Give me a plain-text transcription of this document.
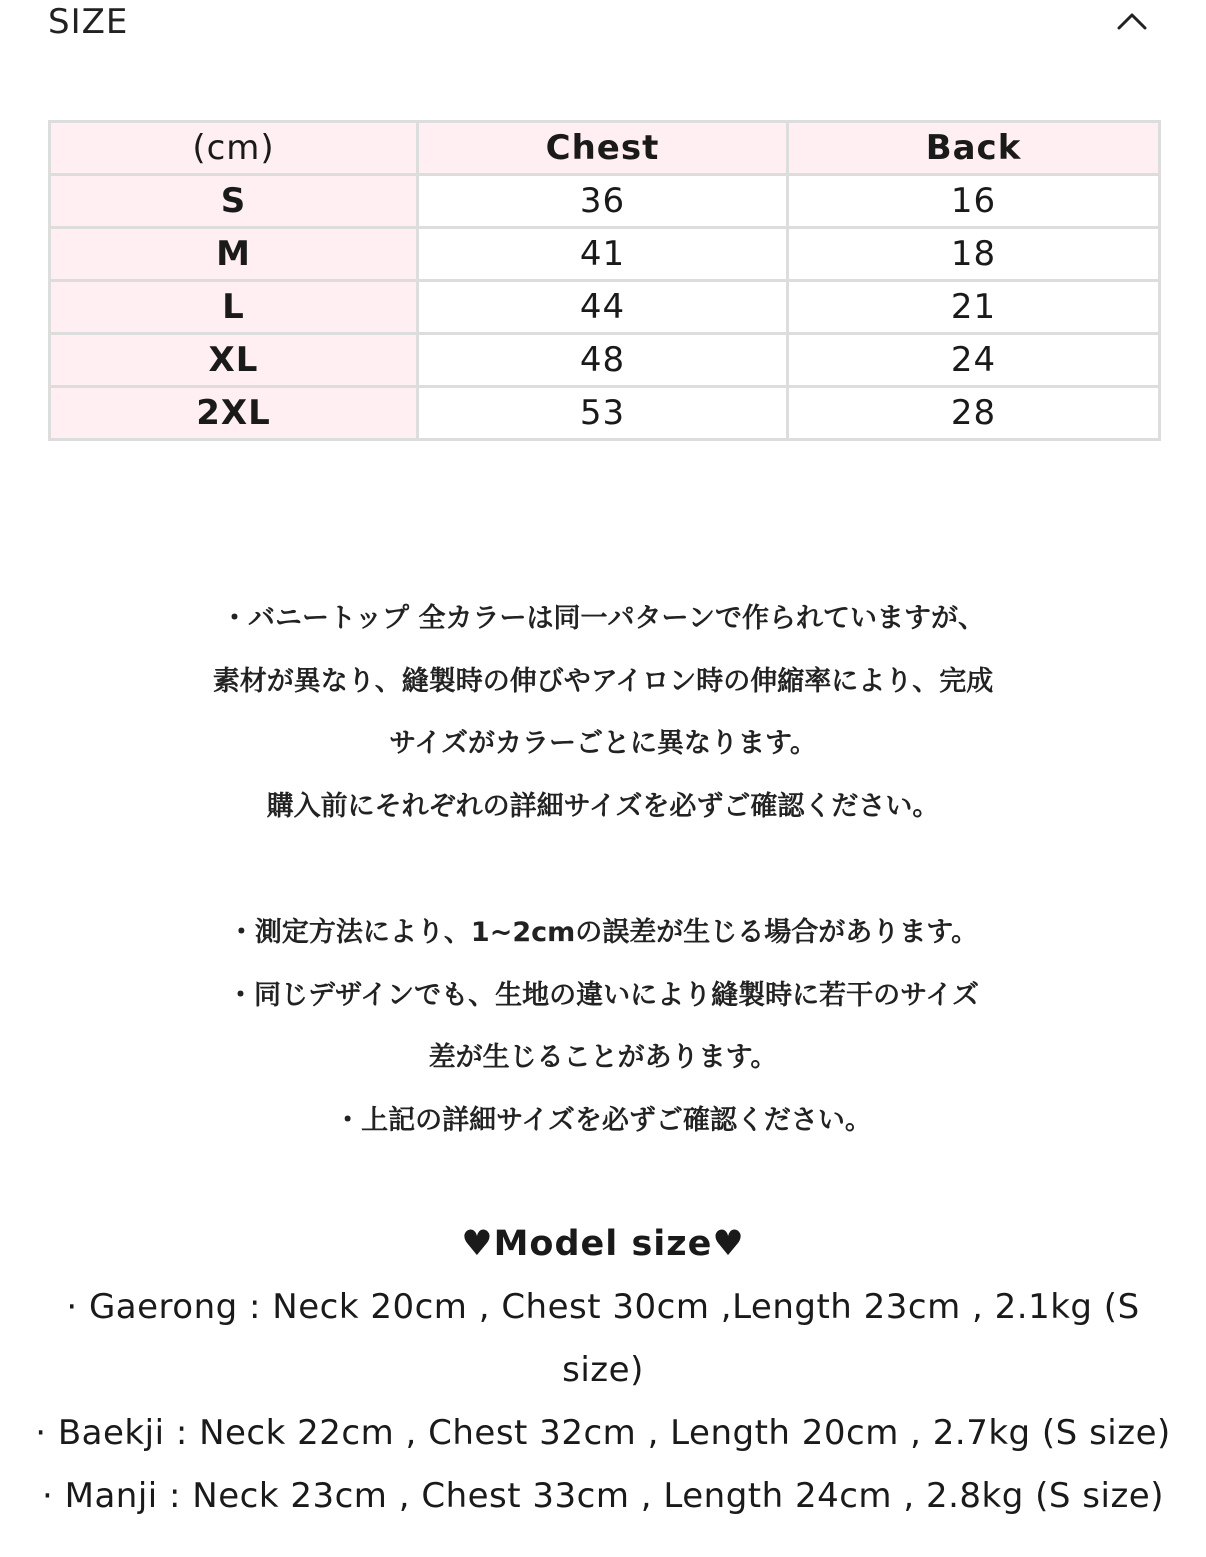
SIZE
(cm)	Chest	Back
S	36	16
M	41	18
L	44	21
XL	48	24
2XL	53	28
・バニートップ 全カラーは同一パターンで作られていますが、
素材が異なり、縫製時の伸びやアイロン時の伸縮率により、完成
サイズがカラーごとに異なります。
購入前にそれぞれの詳細サイズを必ずご確認ください。
・測定方法により、1~2cmの誤差が生じる場合があります。
・同じデザインでも、生地の違いにより縫製時に若干のサイズ
差が生じることがあります。
・上記の詳細サイズを必ずご確認ください。
♥Model size♥
· Gaerong : Neck 20cm , Chest 30cm ,Length 23cm , 2.1kg (S
size)
· Baekji : Neck 22cm , Chest 32cm , Length 20cm , 2.7kg (S size)
· Manji : Neck 23cm , Chest 33cm , Length 24cm , 2.8kg (S size)
